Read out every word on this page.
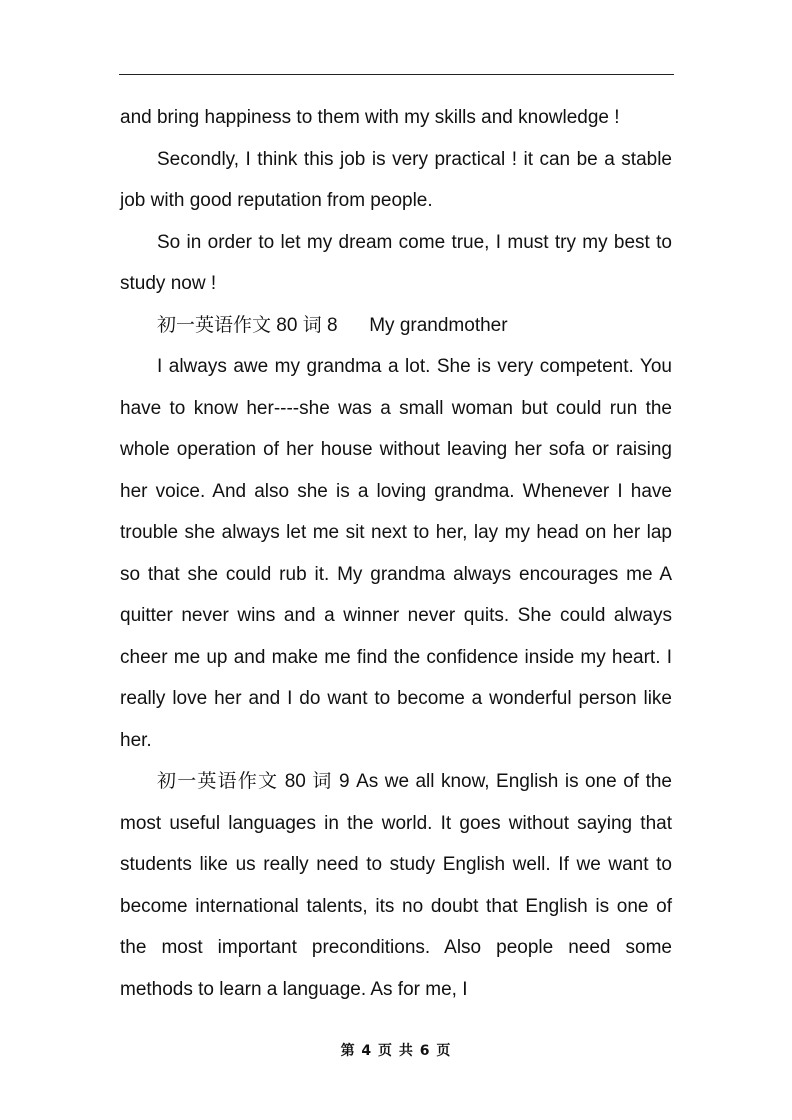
and bring happiness to them with my skills and knowledge !

Secondly, I think this job is very practical ! it can be a stable job with good reputation from people.

So in order to let my dream come true, I must try my best to study now !

初一英语作文 80 词 8 My grandmother

I always awe my grandma a lot. She is very competent. You have to know her----she was a small woman but could run the whole operation of her house without leaving her sofa or raising her voice. And also she is a loving grandma. Whenever I have trouble she always let me sit next to her, lay my head on her lap so that she could rub it. My grandma always encourages me A quitter never wins and a winner never quits. She could always cheer me up and make me find the confidence inside my heart. I really love her and I do want to become a wonderful person like her.

初一英语作文 80 词 9 As we all know, English is one of the most useful languages in the world. It goes without saying that students like us really need to study English well. If we want to become international talents, its no doubt that English is one of the most important preconditions. Also people need some methods to learn a language. As for me, I

第 4 页 共 6 页
